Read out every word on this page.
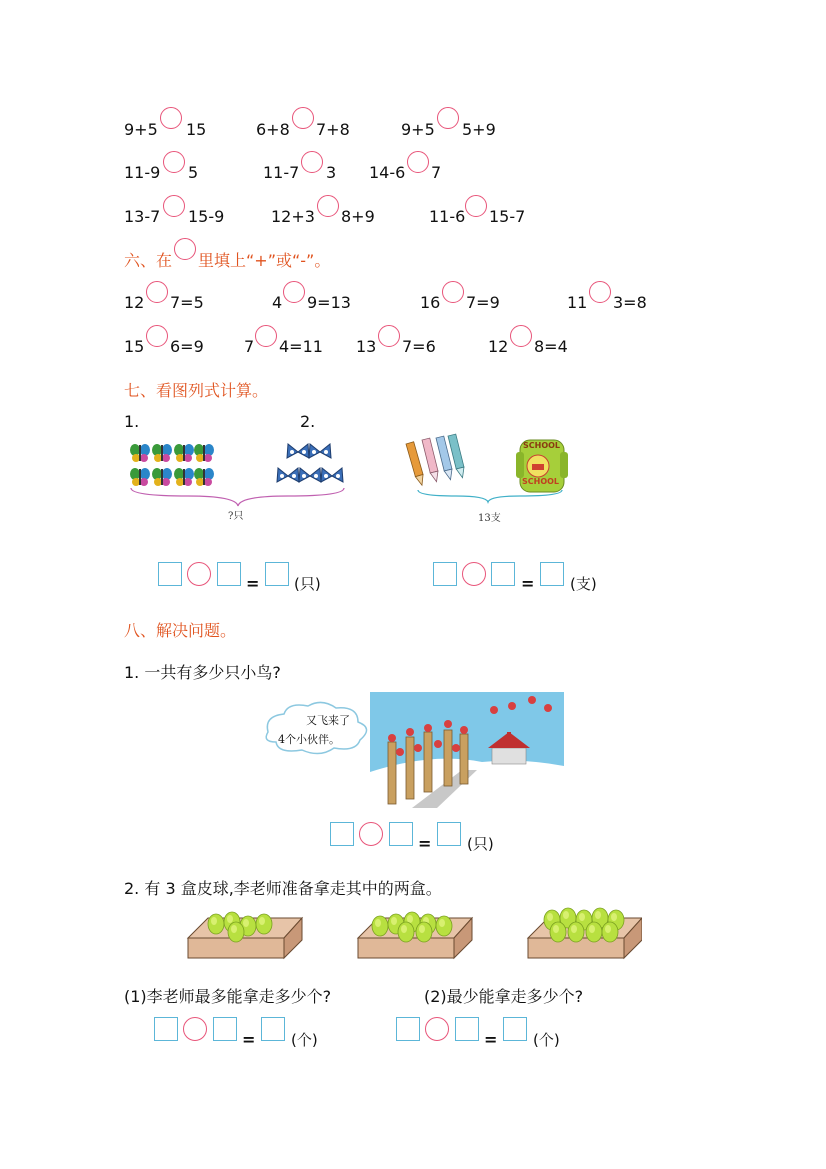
9+5 15	6+8 7+8	9+5 5+9
11-9 5	11-7 3 14-6 7
13-7 15-9	12+3 8+9	11-6 15-7
六、在 里填上“+”或“-”。
12 7=5	4 9=13	16 7=9	11 3=8
15 6=9	7 4=11 13 7=6	12 8=4
七、看图列式计算。
1.	2.
?只
SCHOOL
SCHOOL
13支
= (只)	= (支)
八、解决问题。
1. 一共有多少只小鸟?
又飞来了
4个小伙伴。
= (只)
2. 有 3 盒皮球,李老师准备拿走其中的两盒。
(1)李老师最多能拿走多少个?	(2)最少能拿走多少个?
= (个)	= (个)
